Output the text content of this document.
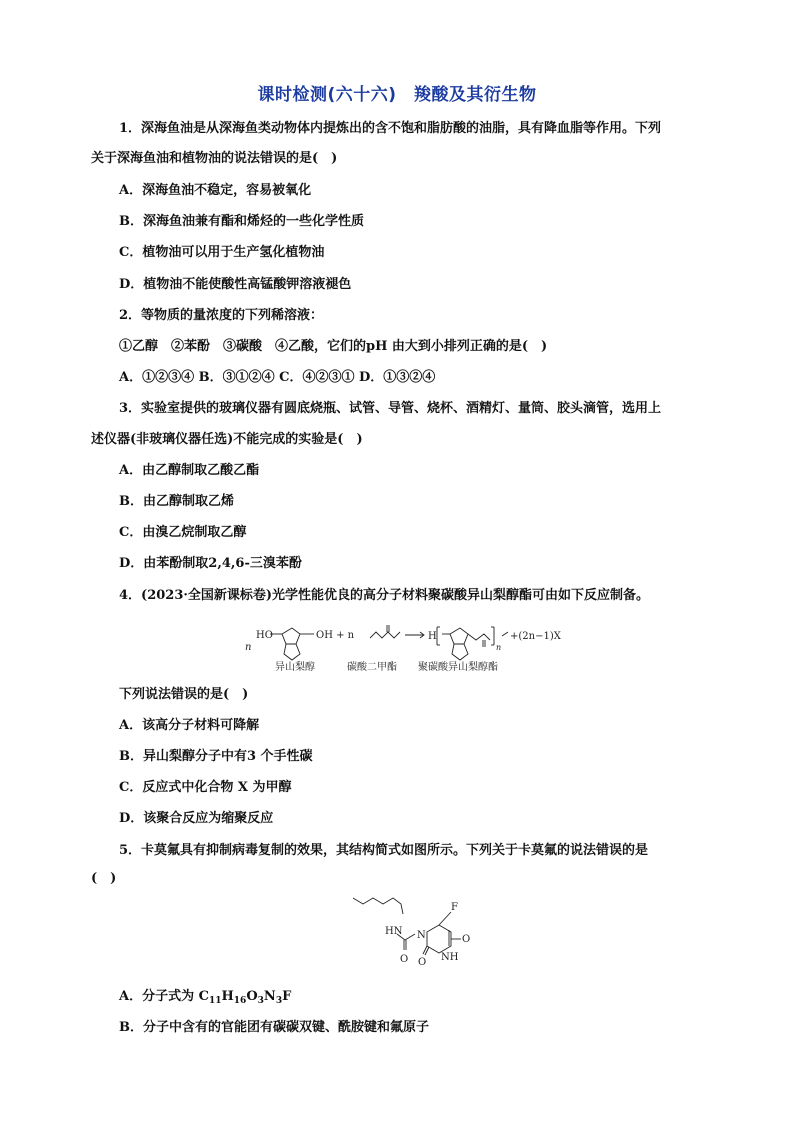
课时检测(六十六)　羧酸及其衍生物
1．深海鱼油是从深海鱼类动物体内提炼出的含不饱和脂肪酸的油脂，具有降血脂等作用。下列
关于深海鱼油和植物油的说法错误的是(　)
A．深海鱼油不稳定，容易被氧化
B．深海鱼油兼有酯和烯烃的一些化学性质
C．植物油可以用于生产氢化植物油
D．植物油不能使酸性高锰酸钾溶液褪色
2．等物质的量浓度的下列稀溶液：
①乙醇　②苯酚　③碳酸　④乙酸，它们的pH 由大到小排列正确的是(　)
A．①②③④ B．③①②④ C．④②③① D．①③②④
3．实验室提供的玻璃仪器有圆底烧瓶、试管、导管、烧杯、酒精灯、量筒、胶头滴管，选用上
述仪器(非玻璃仪器任选)不能完成的实验是(　)
A．由乙醇制取乙酸乙酯
B．由乙醇制取乙烯
C．由溴乙烷制取乙醇
D．由苯酚制取2,4,6-三溴苯酚
4．(2023·全国新课标卷)光学性能优良的高分子材料聚碳酸异山梨醇酯可由如下反应制备。
n
HO	OH + n	H
n
+(2n−1)X
异山梨醇	碳酸二甲酯 聚碳酸异山梨醇酯
下列说法错误的是(　)
A．该高分子材料可降解
B．异山梨醇分子中有3 个手性碳
C．反应式中化合物 X 为甲醇
D．该聚合反应为缩聚反应
5．卡莫氟具有抑制病毒复制的效果，其结构简式如图所示。下列关于卡莫氟的说法错误的是
(　)
F
HN N	O
O O NH
A．分子式为 $C_{11}H_{16}O_3N_3F$
B．分子中含有的官能团有碳碳双键、酰胺键和氟原子
